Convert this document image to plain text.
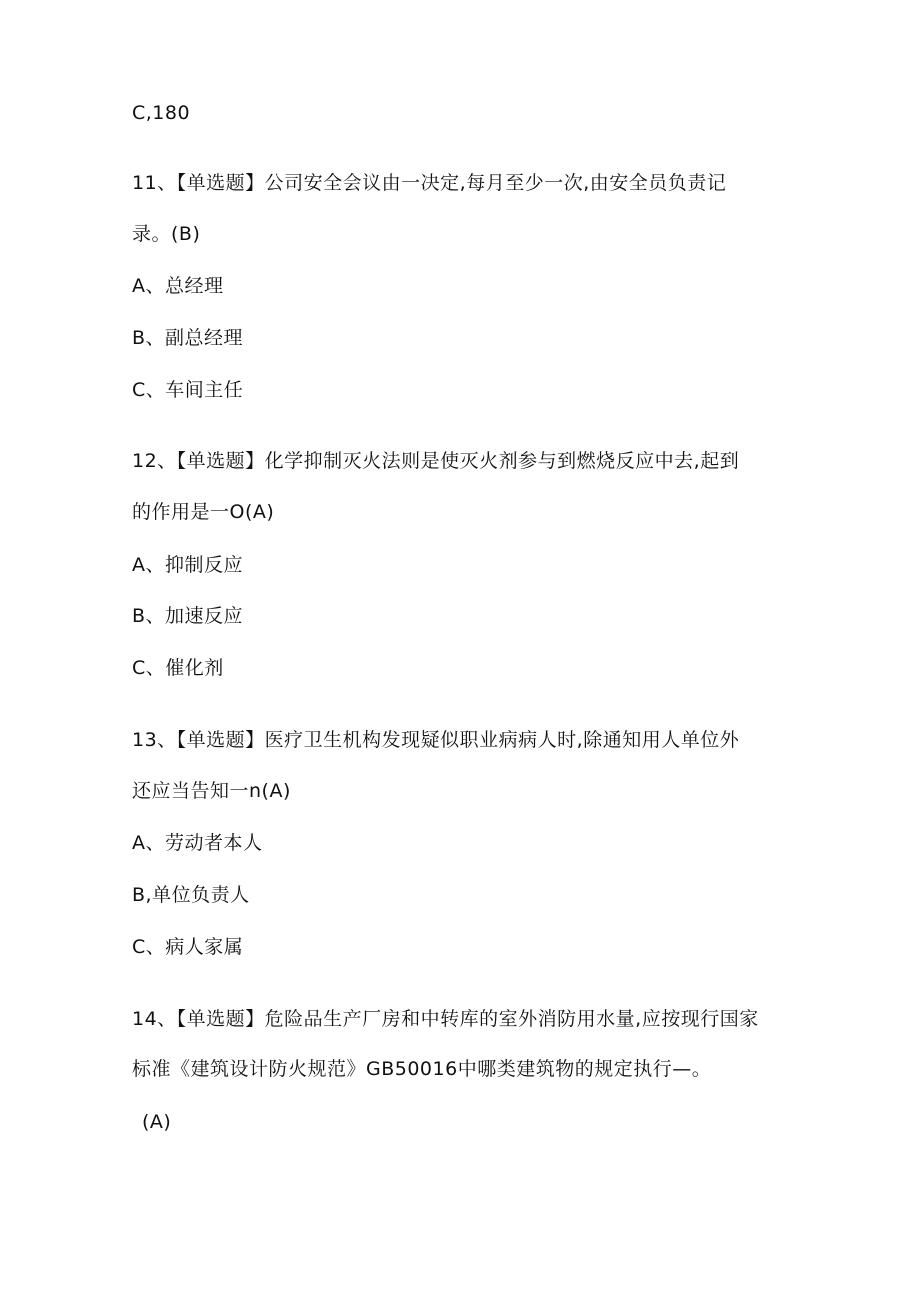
C,180
11、【单选题】公司安全会议由一决定,每月至少一次,由安全员负责记
录。(B)
A、总经理
B、副总经理
C、车间主任
12、【单选题】化学抑制灭火法则是使灭火剂参与到燃烧反应中去,起到
的作用是一O(A)
A、抑制反应
B、加速反应
C、催化剂
13、【单选题】医疗卫生机构发现疑似职业病病人时,除通知用人单位外
还应当告知一n(A)
A、劳动者本人
B,单位负责人
C、病人家属
14、【单选题】危险品生产厂房和中转库的室外消防用水量,应按现行国家
标准《建筑设计防火规范》GB50016中哪类建筑物的规定执行—。
(A)
